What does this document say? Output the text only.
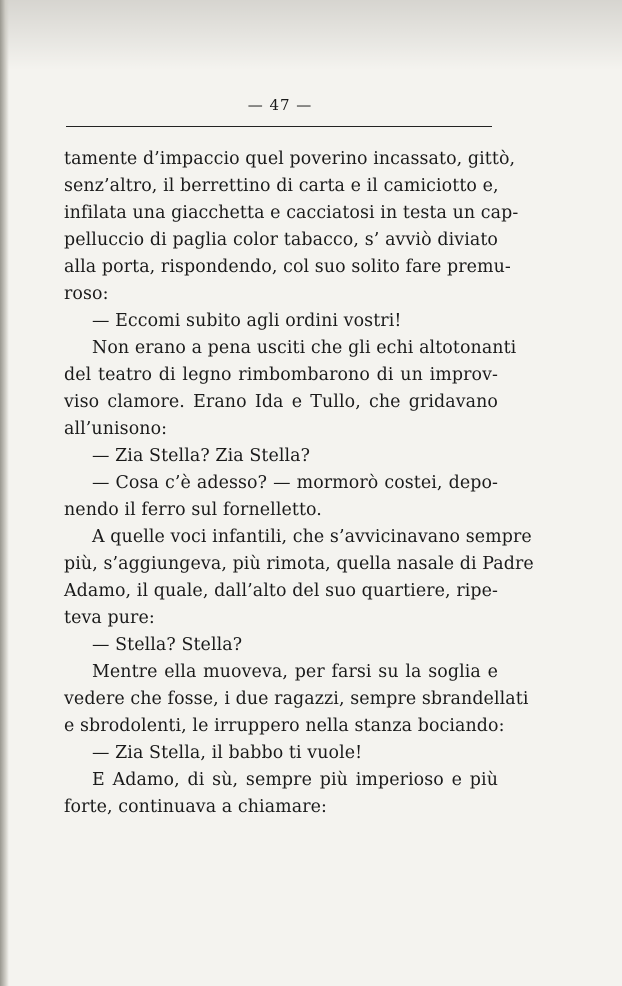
— 47 —
tamente d’impaccio quel poverino incassato, gittò,
senz’altro, il berrettino di carta e il camiciotto e,
infilata una giacchetta e cacciatosi in testa un cap-
pelluccio di paglia color tabacco, s’ avviò diviato
alla porta, rispondendo, col suo solito fare premu-
roso:
— Eccomi subito agli ordini vostri!
Non erano a pena usciti che gli echi altotonanti
del teatro di legno rimbombarono di un improv-
viso clamore. Erano Ida e Tullo, che gridavano
all’unisono:
— Zia Stella? Zia Stella?
— Cosa c’è adesso? — mormorò costei, depo-
nendo il ferro sul fornelletto.
A quelle voci infantili, che s’avvicinavano sempre
più, s’aggiungeva, più rimota, quella nasale di Padre
Adamo, il quale, dall’alto del suo quartiere, ripe-
teva pure:
— Stella? Stella?
Mentre ella muoveva, per farsi su la soglia e
vedere che fosse, i due ragazzi, sempre sbrandellati
e sbrodolenti, le irruppero nella stanza bociando:
— Zia Stella, il babbo ti vuole!
E Adamo, di sù, sempre più imperioso e più
forte, continuava a chiamare:
